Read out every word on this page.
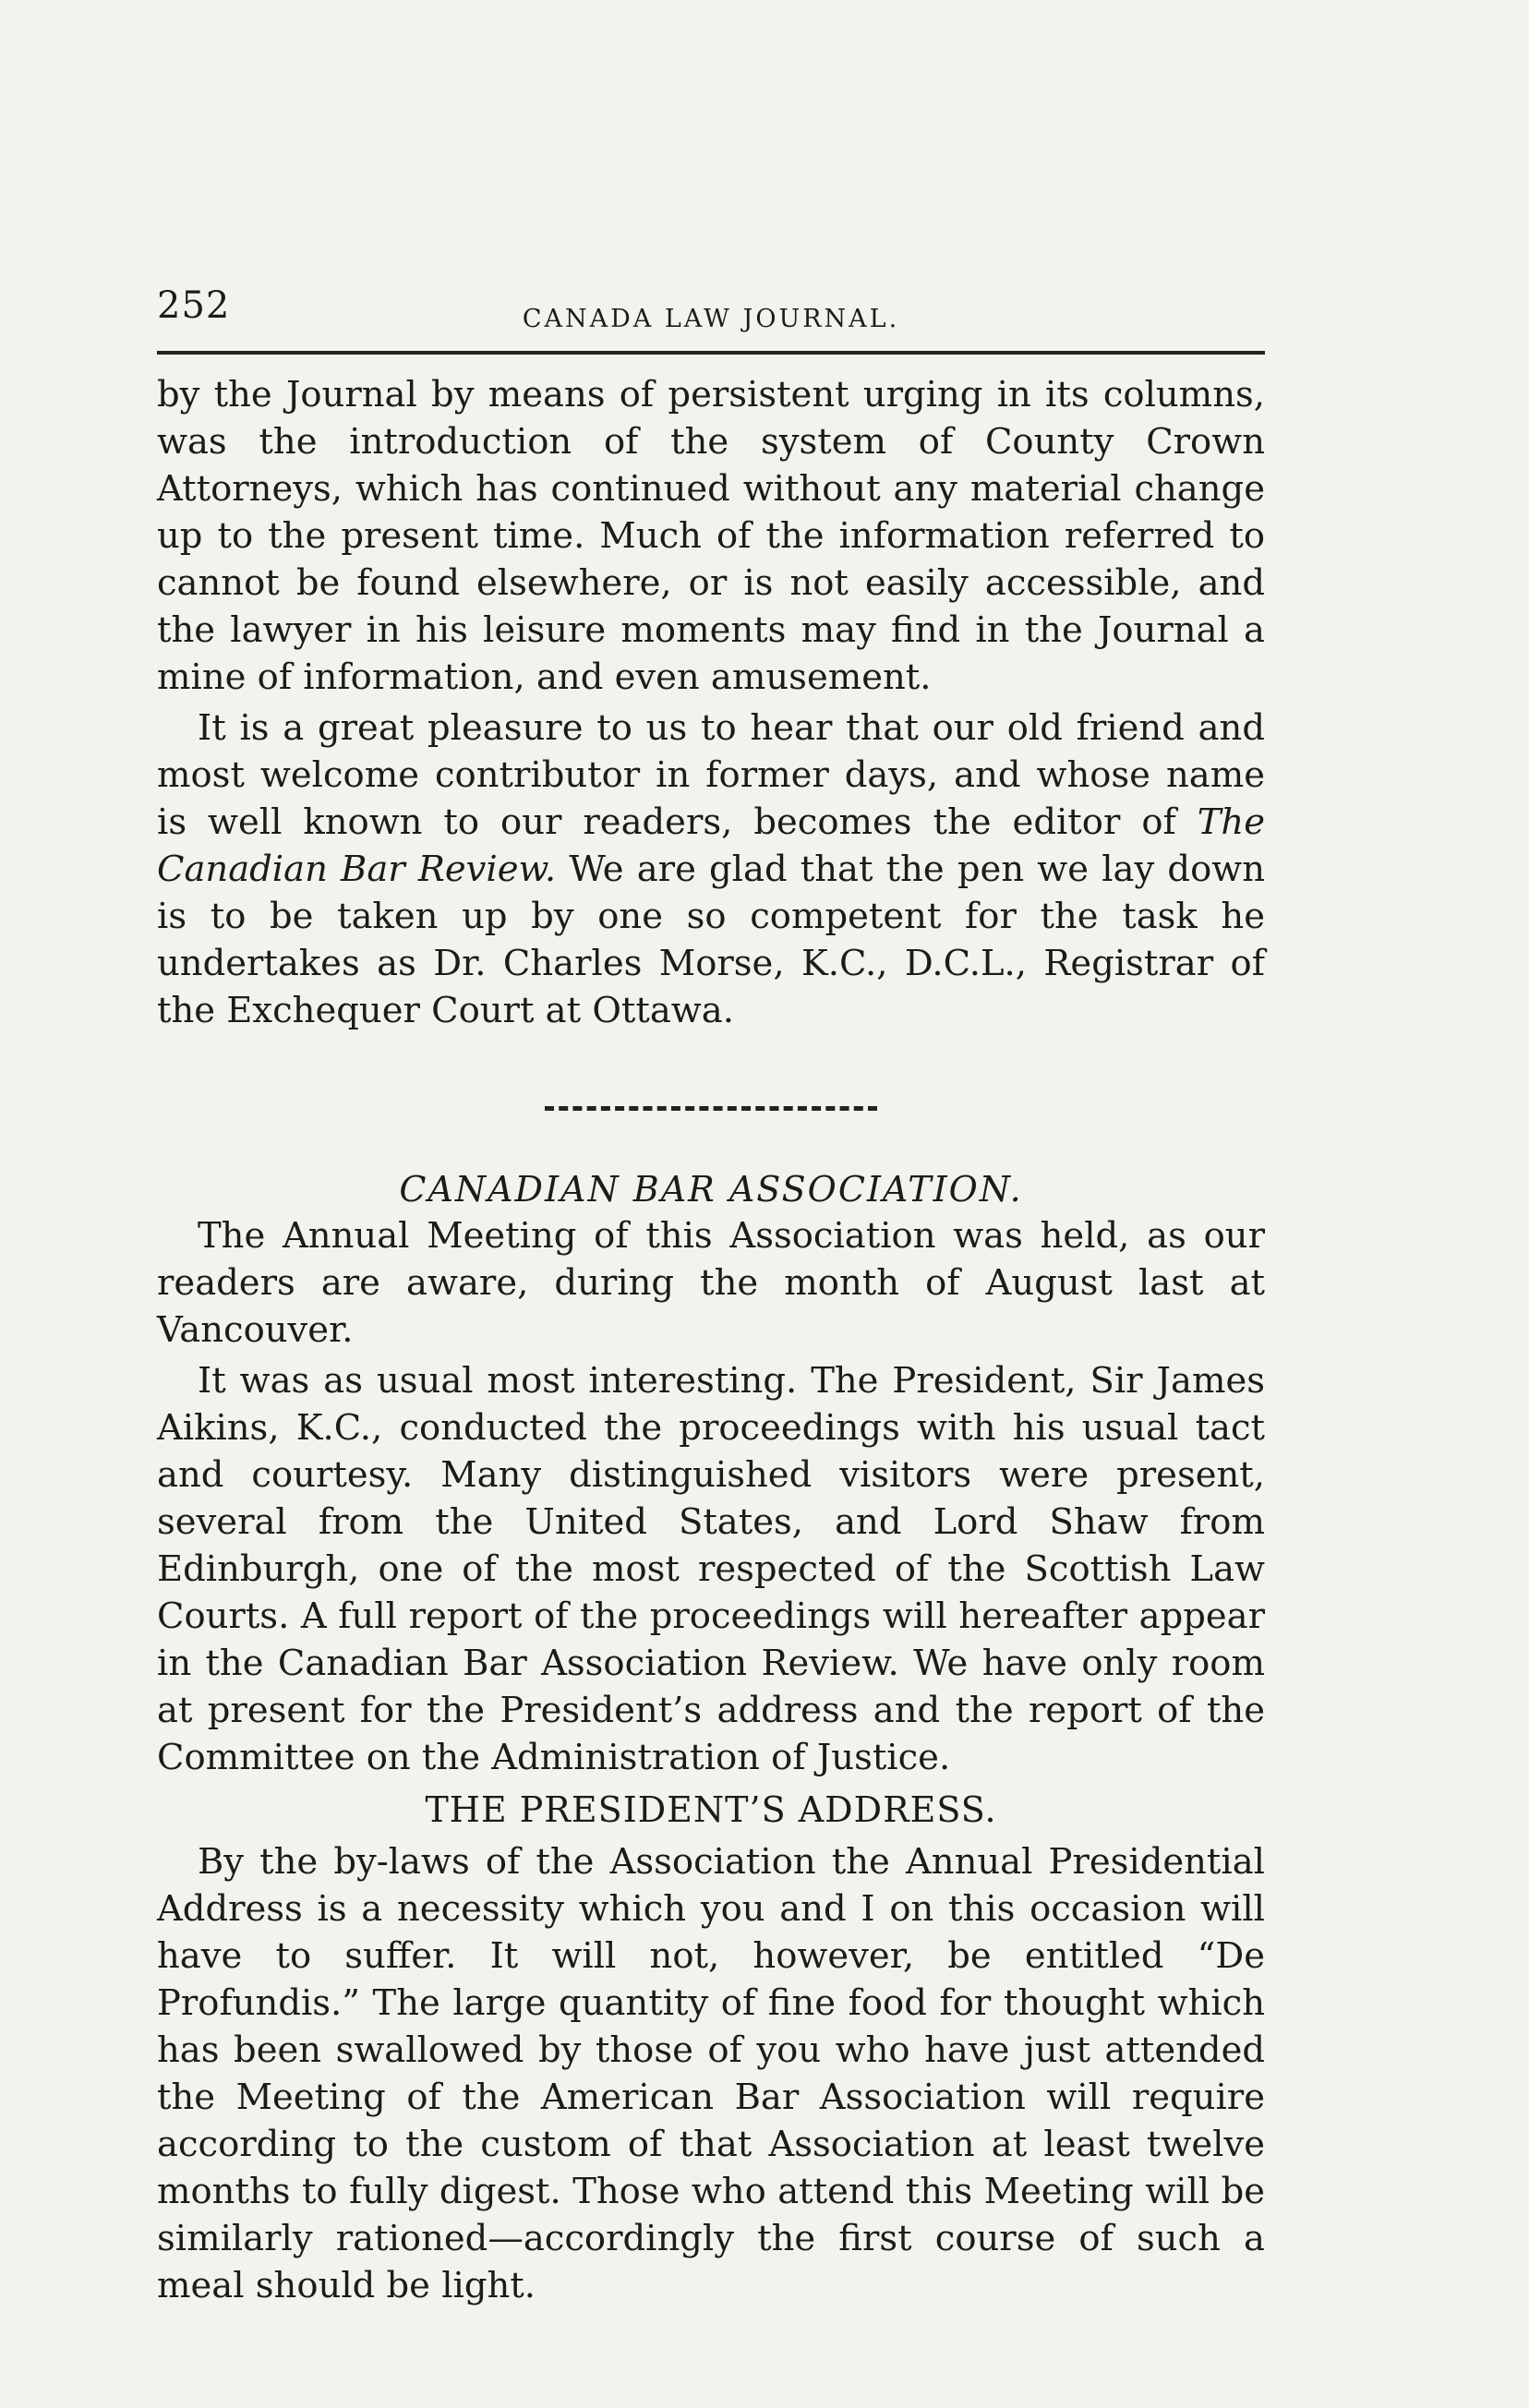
252	CANADA LAW JOURNAL.

by the Journal by means of persistent urging in its columns, was the introduction of the system of County Crown Attorneys, which has continued without any material change up to the present time. Much of the information referred to cannot be found elsewhere, or is not easily accessible, and the lawyer in his leisure moments may find in the Journal a mine of information, and even amusement.

It is a great pleasure to us to hear that our old friend and most welcome contributor in former days, and whose name is well known to our readers, becomes the editor of The Canadian Bar Review. We are glad that the pen we lay down is to be taken up by one so competent for the task he undertakes as Dr. Charles Morse, K.C., D.C.L., Registrar of the Exchequer Court at Ottawa.

CANADIAN BAR ASSOCIATION.

The Annual Meeting of this Association was held, as our readers are aware, during the month of August last at Vancouver.

It was as usual most interesting. The President, Sir James Aikins, K.C., conducted the proceedings with his usual tact and courtesy. Many distinguished visitors were present, several from the United States, and Lord Shaw from Edinburgh, one of the most respected of the Scottish Law Courts. A full report of the proceedings will hereafter appear in the Canadian Bar Association Review. We have only room at present for the President’s address and the report of the Committee on the Administration of Justice.

THE PRESIDENT’S ADDRESS.

By the by-laws of the Association the Annual Presidential Address is a necessity which you and I on this occasion will have to suffer. It will not, however, be entitled “De Profundis.” The large quantity of fine food for thought which has been swallowed by those of you who have just attended the Meeting of the American Bar Association will require according to the custom of that Association at least twelve months to fully digest. Those who attend this Meeting will be similarly rationed—accordingly the first course of such a meal should be light.
